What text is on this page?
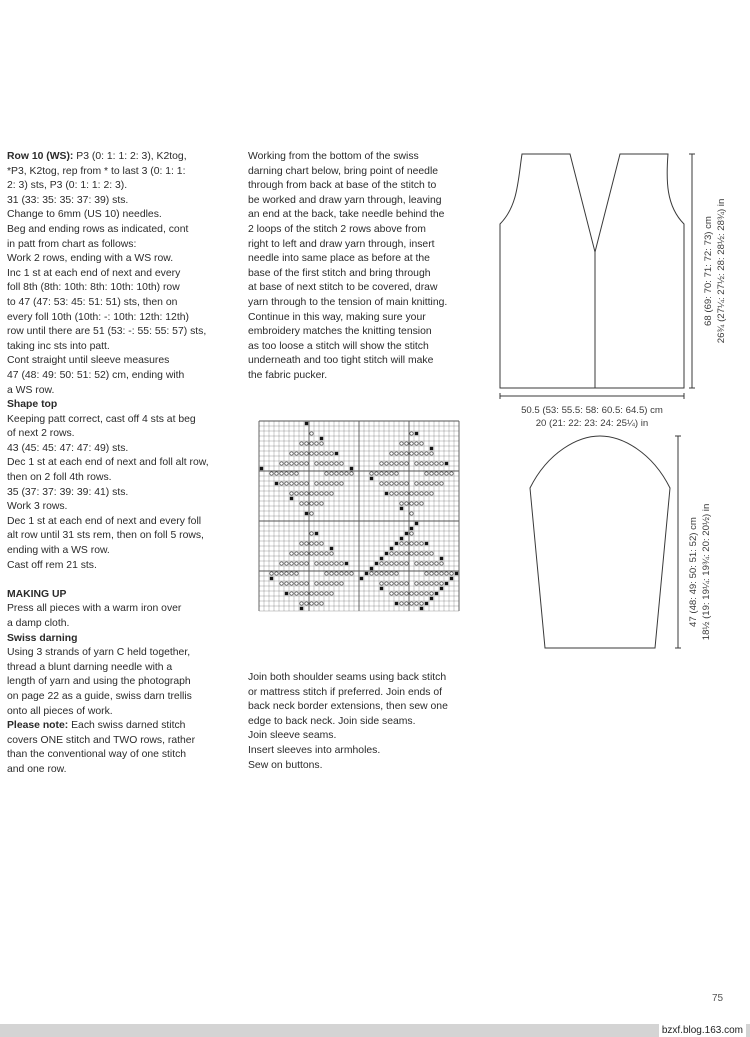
Row 10 (WS): P3 (0: 1: 1: 2: 3), K2tog,

*P3, K2tog, rep from * to last 3 (0: 1: 1:

2: 3) sts, P3 (0: 1: 1: 2: 3).

31 (33: 35: 35: 37: 39) sts.

Change to 6mm (US 10) needles.

Beg and ending rows as indicated, cont

in patt from chart as follows:

Work 2 rows, ending with a WS row.

Inc 1 st at each end of next and every

foll 8th (8th: 10th: 8th: 10th: 10th) row

to 47 (47: 53: 45: 51: 51) sts, then on

every foll 10th (10th: -: 10th: 12th: 12th)

row until there are 51 (53: -: 55: 55: 57) sts,

taking inc sts into patt.

Cont straight until sleeve measures

47 (48: 49: 50: 51: 52) cm, ending with

a WS row.

Shape top

Keeping patt correct, cast off 4 sts at beg

of next 2 rows.

43 (45: 45: 47: 47: 49) sts.

Dec 1 st at each end of next and foll alt row,

then on 2 foll 4th rows.

35 (37: 37: 39: 39: 41) sts.

Work 3 rows.

Dec 1 st at each end of next and every foll

alt row until 31 sts rem, then on foll 5 rows,

ending with a WS row.

Cast off rem 21 sts.

MAKING UP

Press all pieces with a warm iron over

a damp cloth.

Swiss darning

Using 3 strands of yarn C held together,

thread a blunt darning needle with a

length of yarn and using the photograph

on page 22 as a guide, swiss darn trellis

onto all pieces of work.

Please note: Each swiss darned stitch

covers ONE stitch and TWO rows, rather

than the conventional way of one stitch

and one row.

Working from the bottom of the swiss

darning chart below, bring point of needle

through from back at base of the stitch to

be worked and draw yarn through, leaving

an end at the back, take needle behind the

2 loops of the stitch 2 rows above from

right to left and draw yarn through, insert

needle into same place as before at the

base of the first stitch and bring through

at base of next stitch to be covered, draw

yarn through to the tension of main knitting.

Continue in this way, making sure your

embroidery matches the knitting tension

as too loose a stitch will show the stitch

underneath and too tight stitch will make

the fabric pucker.

Join both shoulder seams using back stitch

or mattress stitch if preferred. Join ends of

back neck border extensions, then sew one

edge to back neck. Join side seams.

Join sleeve seams.

Insert sleeves into armholes.

Sew on buttons.

50.5 (53: 55.5: 58: 60.5: 64.5) cm
20 (21: 22: 23: 24: 25¼) in
68 (69: 70: 71: 72: 73) cm 26¾ (27¼: 27½: 28: 28½: 28¾) in
47 (48: 49: 50: 51: 52) cm 18½ (19: 19¼: 19¾: 20: 20½) in
75
bzxf.blog.163.com
